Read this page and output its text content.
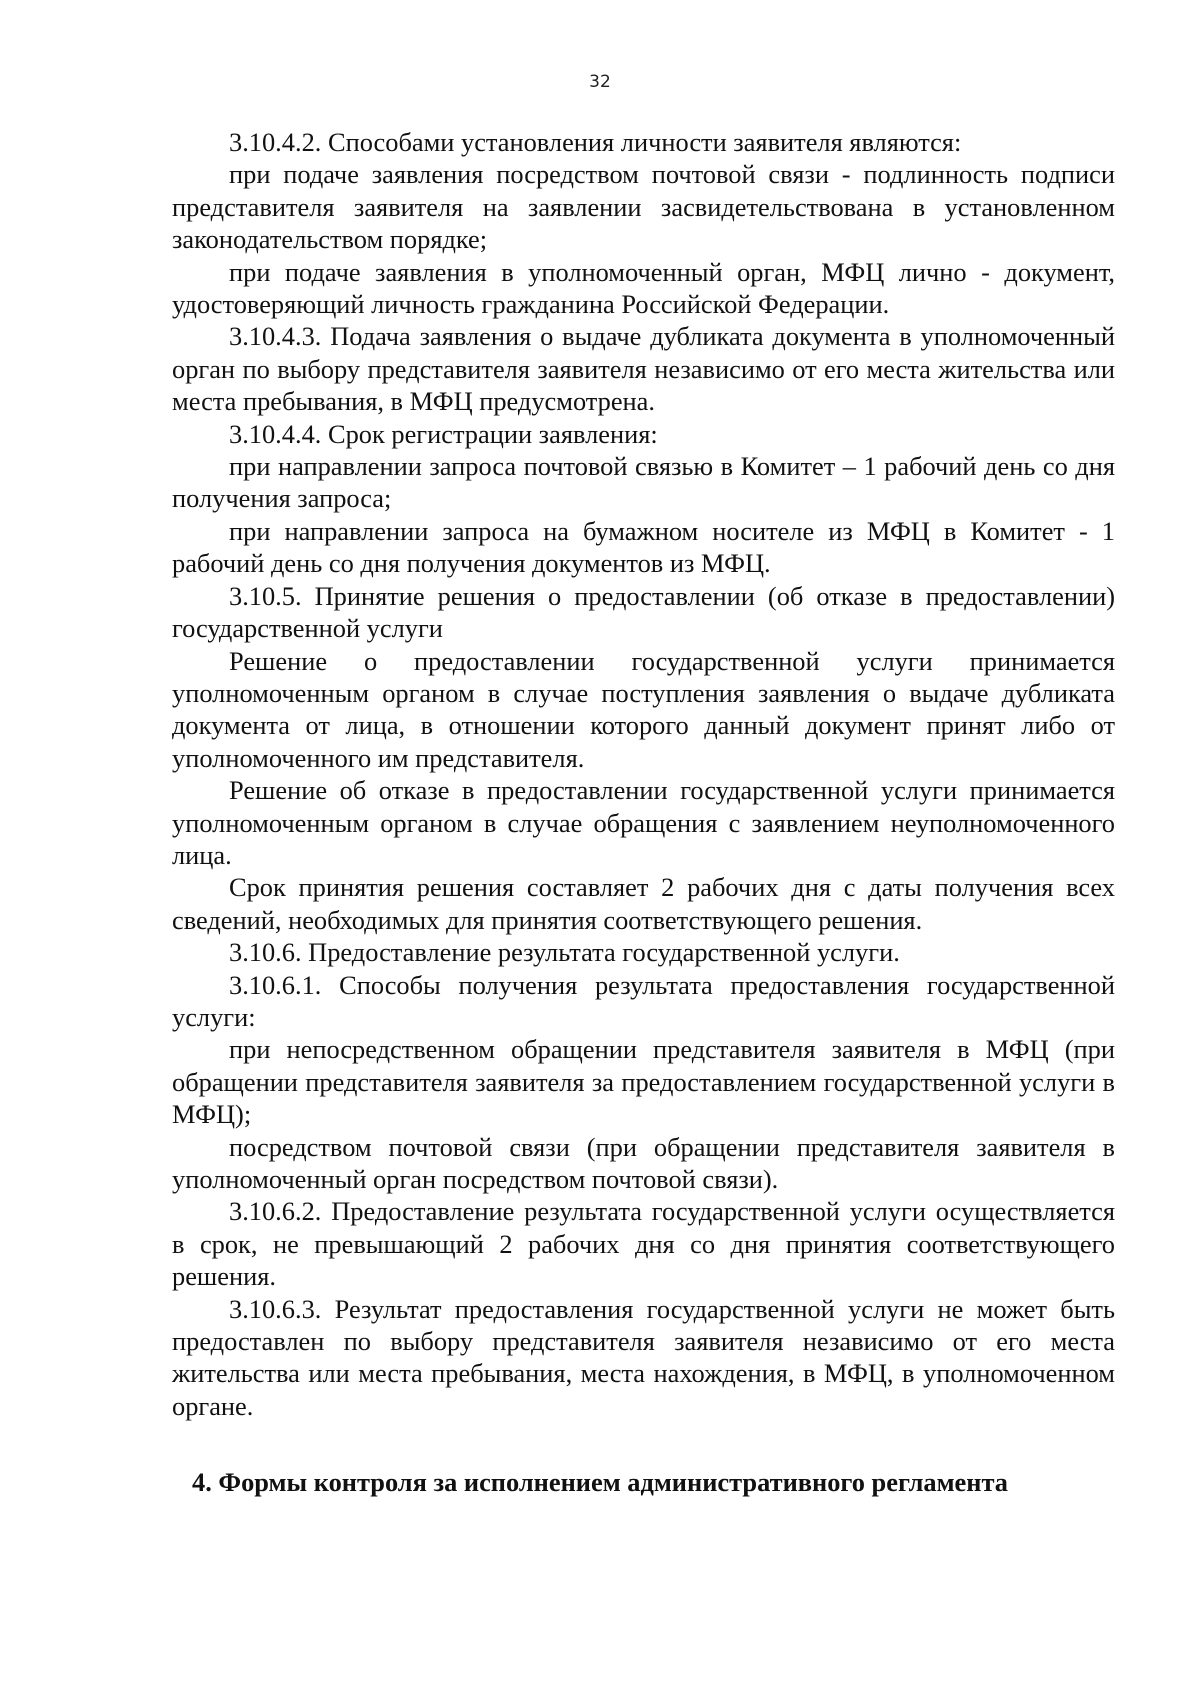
32

3.10.4.2. Способами установления личности заявителя являются:

при подаче заявления посредством почтовой связи - подлинность подписи представителя заявителя на заявлении засвидетельствована в установленном законодательством порядке;

при подаче заявления в уполномоченный орган, МФЦ лично - документ, удостоверяющий личность гражданина Российской Федерации.

3.10.4.3. Подача заявления о выдаче дубликата документа в уполномоченный орган по выбору представителя заявителя независимо от его места жительства или места пребывания, в МФЦ предусмотрена.

3.10.4.4. Срок регистрации заявления:

при направлении запроса почтовой связью в Комитет – 1 рабочий день со дня получения запроса;

при направлении запроса на бумажном носителе из МФЦ в Комитет - 1 рабочий день со дня получения документов из МФЦ.

3.10.5. Принятие решения о предоставлении (об отказе в предоставлении) государственной услуги

Решение о предоставлении государственной услуги принимается уполномоченным органом в случае поступления заявления о выдаче дубликата документа от лица, в отношении которого данный документ принят либо от уполномоченного им представителя.

Решение об отказе в предоставлении государственной услуги принимается уполномоченным органом в случае обращения с заявлением неуполномоченного лица.

Срок принятия решения составляет 2 рабочих дня с даты получения всех сведений, необходимых для принятия соответствующего решения.

3.10.6. Предоставление результата государственной услуги.

3.10.6.1. Способы получения результата предоставления государственной услуги:

при непосредственном обращении представителя заявителя в МФЦ (при обращении представителя заявителя за предоставлением государственной услуги в МФЦ);

посредством почтовой связи (при обращении представителя заявителя в уполномоченный орган посредством почтовой связи).

3.10.6.2. Предоставление результата государственной услуги осуществляется в срок, не превышающий 2 рабочих дня со дня принятия соответствующего решения.

3.10.6.3. Результат предоставления государственной услуги не может быть предоставлен по выбору представителя заявителя независимо от его места жительства или места пребывания, места нахождения, в МФЦ, в уполномоченном органе.

4. Формы контроля за исполнением административного регламента
